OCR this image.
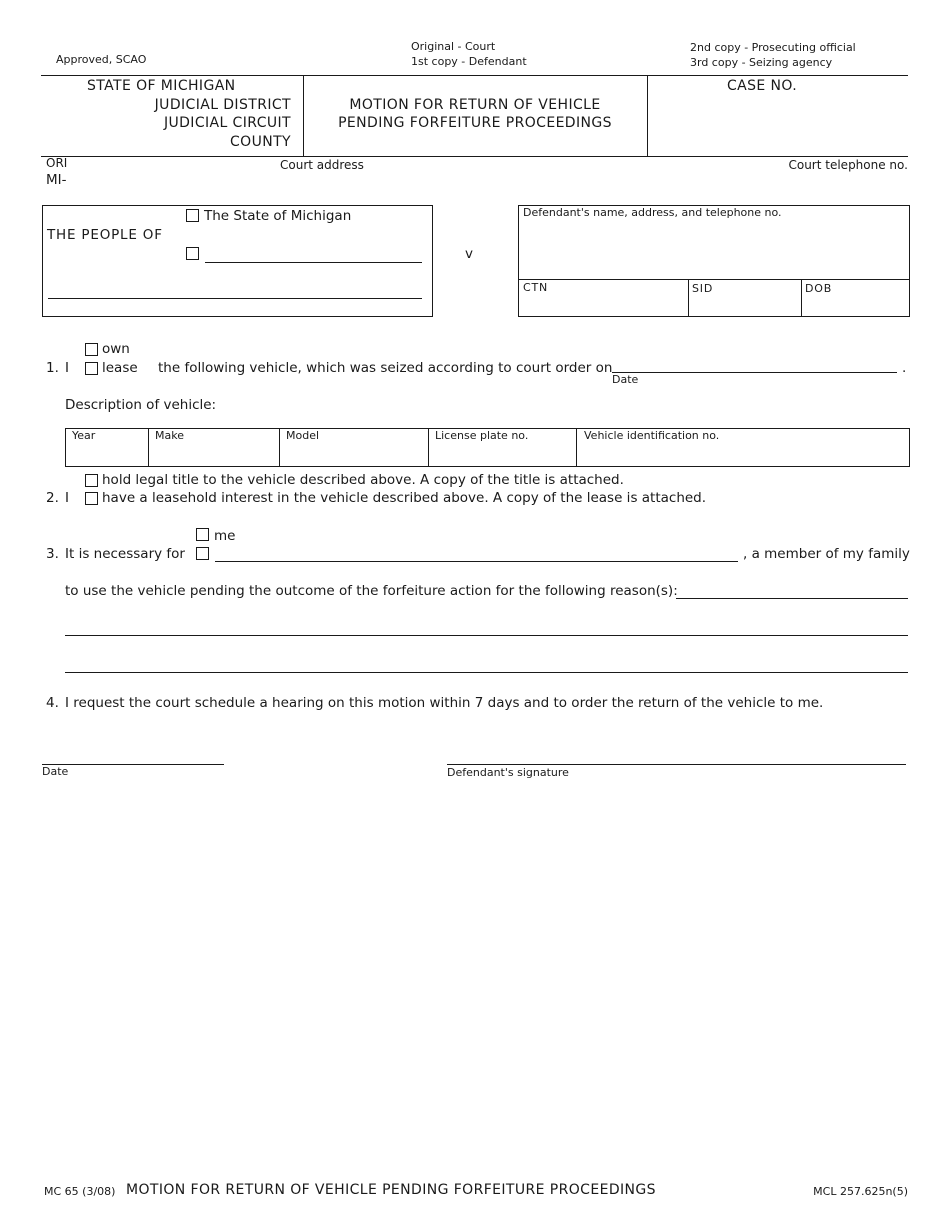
Approved, SCAO
Original - Court
1st copy - Defendant
2nd copy - Prosecuting official
3rd copy - Seizing agency
STATE OF MICHIGAN
JUDICIAL DISTRICT
JUDICIAL CIRCUIT
COUNTY
MOTION FOR RETURN OF VEHICLE
PENDING FORFEITURE PROCEEDINGS
CASE NO.
ORI
MI-
Court address	Court telephone no.
THE PEOPLE OF
The State of Michigan
v
Defendant's name, address, and telephone no.
CTN	SID	DOB
1. I
own
lease the following vehicle, which was seized according to court order on
Date
.
Description of vehicle:
Year	Make	Model	License plate no.	Vehicle identification no.
2. I
hold legal title to the vehicle described above. A copy of the title is attached.
have a leasehold interest in the vehicle described above. A copy of the lease is attached.
3. It is necessary for
me
, a member of my family
to use the vehicle pending the outcome of the forfeiture action for the following reason(s):
4. I request the court schedule a hearing on this motion within 7 days and to order the return of the vehicle to me.
Date	Defendant's signature
MC 65 (3/08) MOTION FOR RETURN OF VEHICLE PENDING FORFEITURE PROCEEDINGS	MCL 257.625n(5)
